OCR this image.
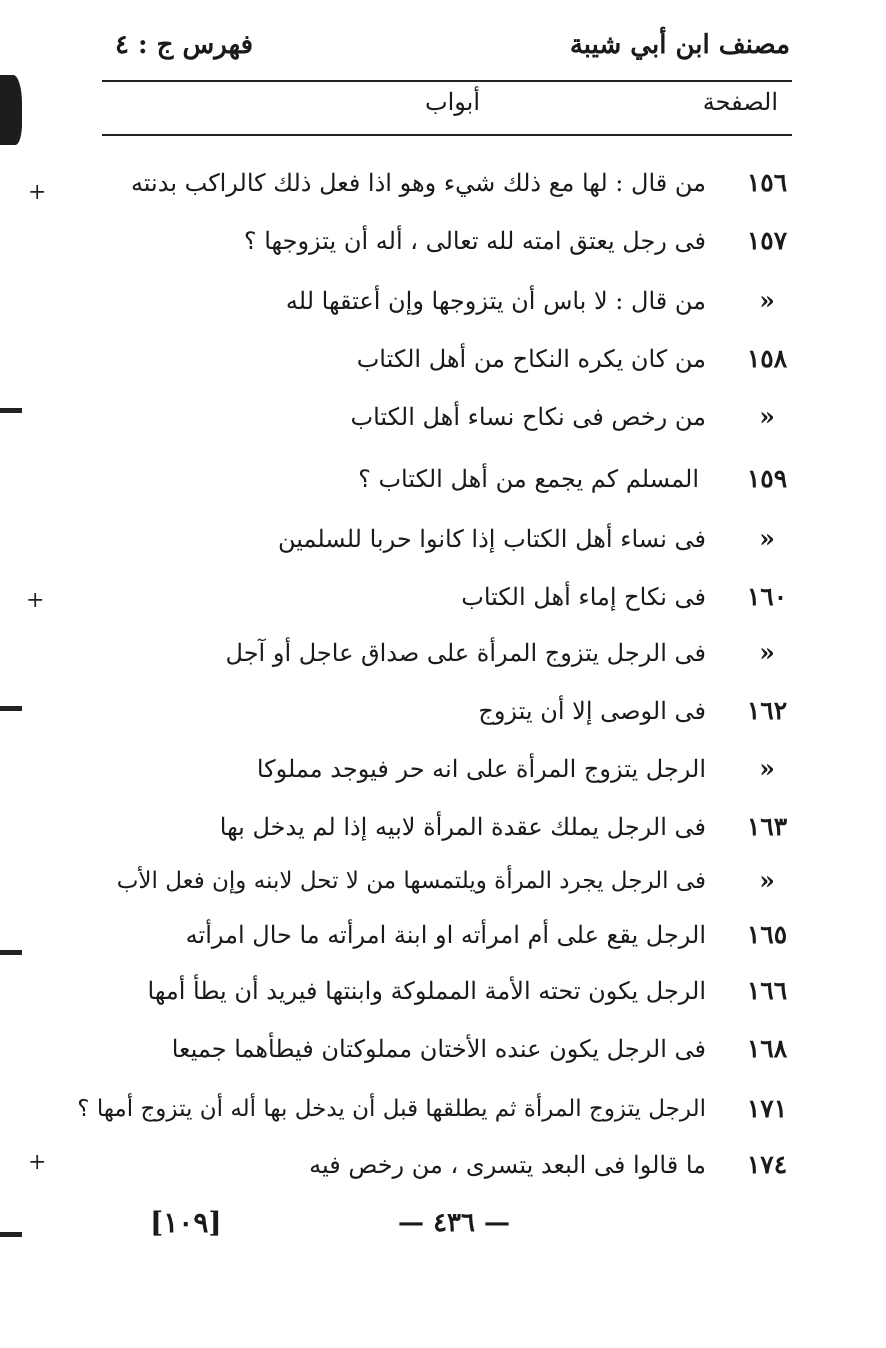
+
+
+
مصنف ابن أبي شيبة
فهرس ج : ٤
الصفحة
أبواب
١٥٦
من قال : لها مع ذلك شيء وهو اذا فعل ذلك كالراكب بدنته
١٥٧
فى رجل يعتق امته لله تعالى ، أله أن يتزوجها ؟
«
من قال : لا باس أن يتزوجها وإن أعتقها لله
١٥٨
من كان يكره النكاح من أهل الكتاب
«
من رخص فى نكاح نساء أهل الكتاب
١٥٩
المسلم كم يجمع من أهل الكتاب ؟
«
فى نساء أهل الكتاب إذا كانوا حربا للسلمين
١٦٠
فى نكاح إماء أهل الكتاب
«
فى الرجل يتزوج المرأة على صداق عاجل أو آجل
١٦٢
فى الوصى إلا أن يتزوج
«
الرجل يتزوج المرأة على انه حر فيوجد مملوكا
١٦٣
فى الرجل يملك عقدة المرأة لابيه إذا لم يدخل بها
«
فى الرجل يجرد المرأة ويلتمسها من لا تحل لابنه وإن فعل الأب
١٦٥
الرجل يقع على أم امرأته او ابنة امرأته ما حال امرأته
١٦٦
الرجل يكون تحته الأمة المملوكة وابنتها فيريد أن يطأ أمها
١٦٨
فى الرجل يكون عنده الأختان مملوكتان فيطأهما جميعا
١٧١
الرجل يتزوج المرأة ثم يطلقها قبل أن يدخل بها أله أن يتزوج أمها ؟
١٧٤
ما قالوا فى البعد يتسرى ، من رخص فيه
[١٠٩]	— ٤٣٦ —
